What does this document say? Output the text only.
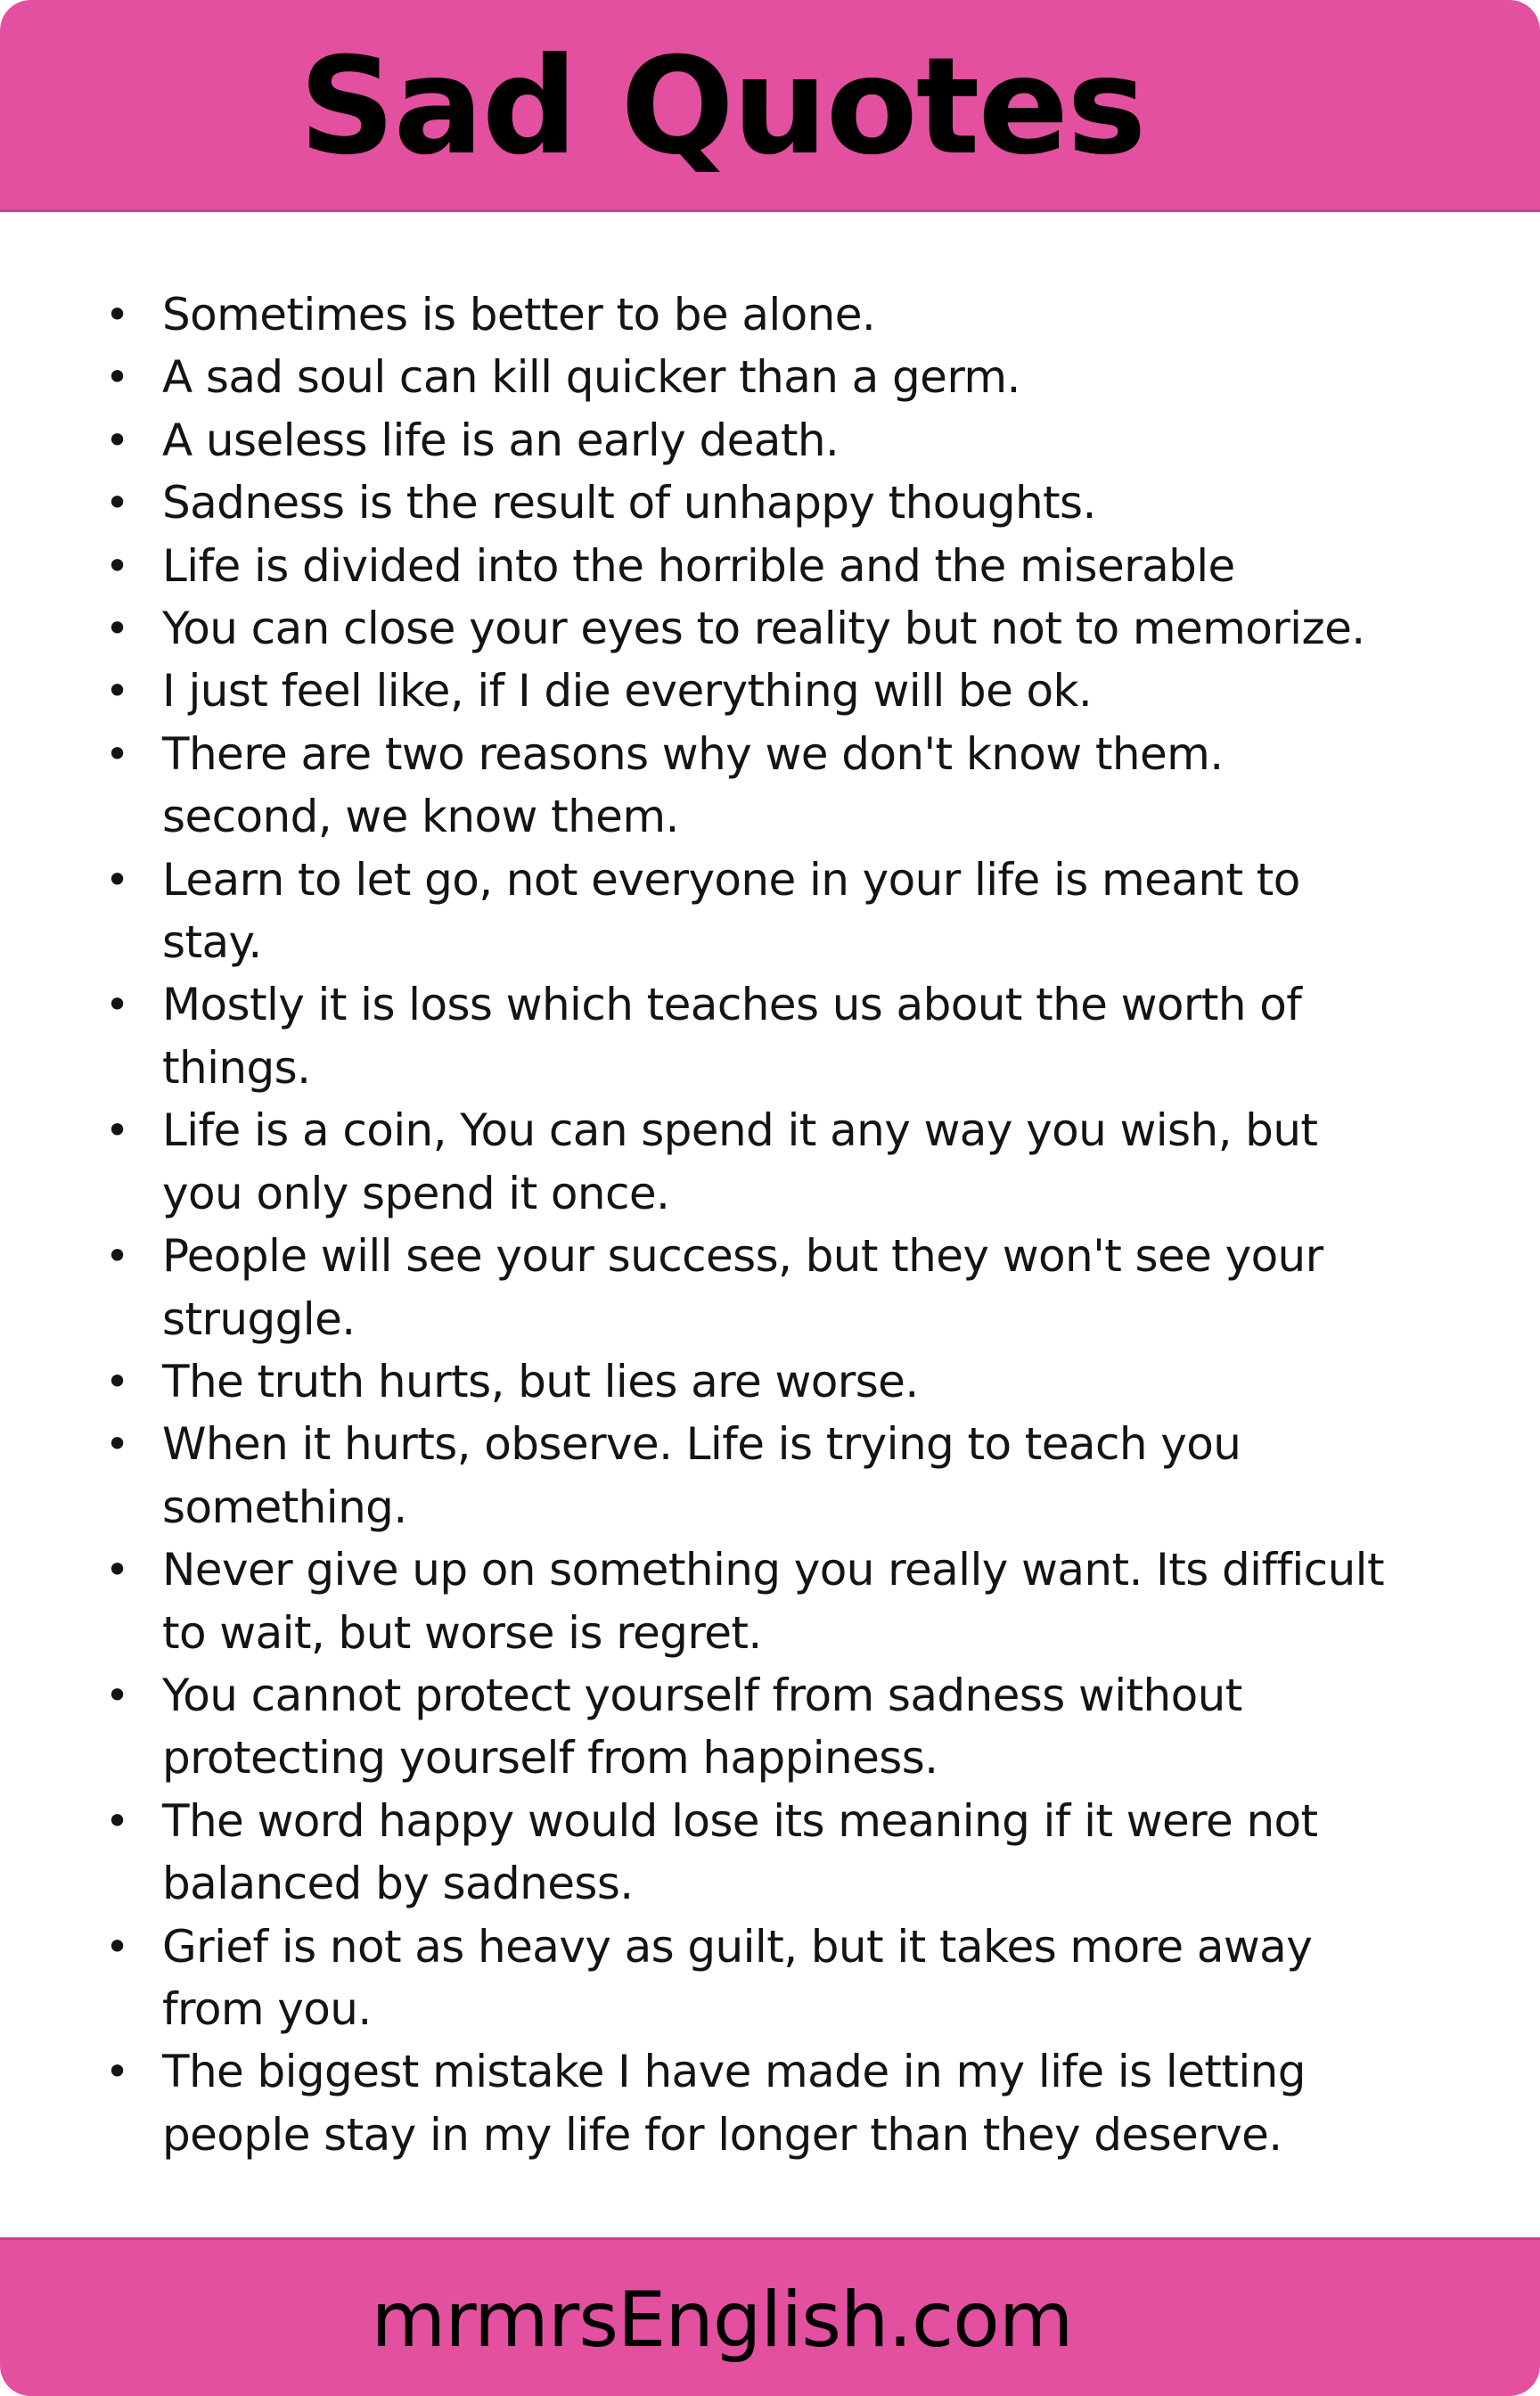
Sad Quotes
• Sometimes is better to be alone.
• A sad soul can kill quicker than a germ.
• A useless life is an early death.
• Sadness is the result of unhappy thoughts.
• Life is divided into the horrible and the miserable
• You can close your eyes to reality but not to memorize.
• I just feel like, if I die everything will be ok.
• There are two reasons why we don't know them.
second, we know them.
• Learn to let go, not everyone in your life is meant to
stay.
• Mostly it is loss which teaches us about the worth of
things.
• Life is a coin, You can spend it any way you wish, but
you only spend it once.
• People will see your success, but they won't see your
struggle.
• The truth hurts, but lies are worse.
• When it hurts, observe. Life is trying to teach you
something.
• Never give up on something you really want. Its difficult
to wait, but worse is regret.
• You cannot protect yourself from sadness without
protecting yourself from happiness.
• The word happy would lose its meaning if it were not
balanced by sadness.
• Grief is not as heavy as guilt, but it takes more away
from you.
• The biggest mistake I have made in my life is letting
people stay in my life for longer than they deserve.
mrmrsEnglish.com
